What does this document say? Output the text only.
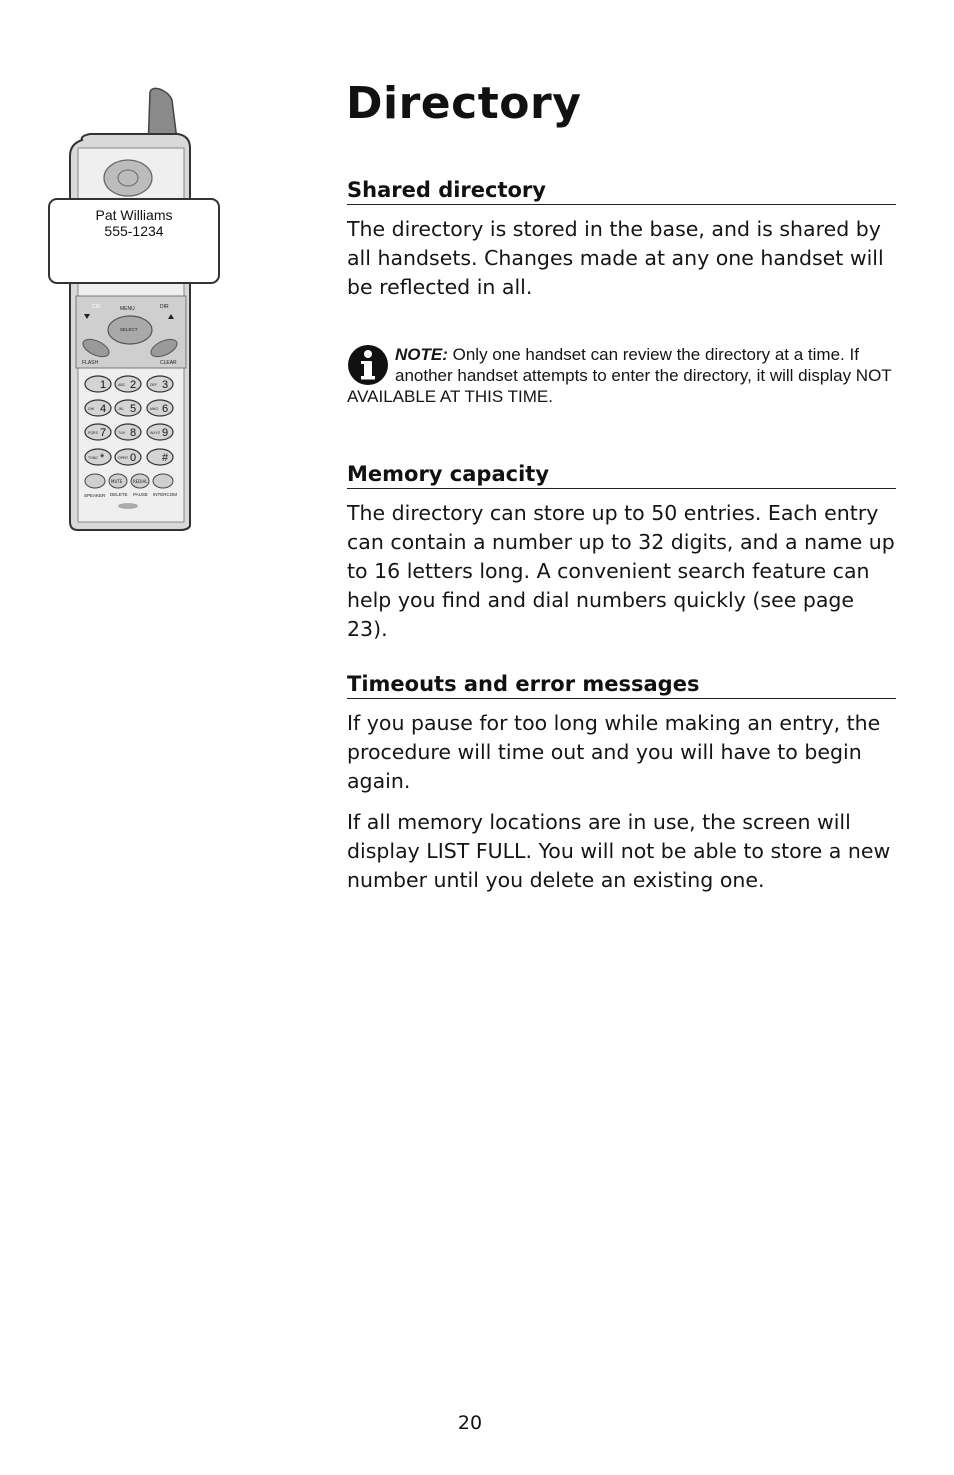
CID	MENU	DIR
SELECT
FLASH	CLEAR
1 2
ABC	3
DEF
4
GHI	5
JKL	6
MNO
7
PQRS	8
TUV	9
WXYZ
*
TONE	0
OPER	#
MUTE	REDIAL
SPEAKER DELETE PAUSE INTERCOM
Pat Williams
555-1234
Directory
Shared directory

The directory is stored in the base, and is shared by all handsets. Changes made at any one handset will be reflected in all.

NOTE: Only one handset can review the directory at a time. If another handset attempts to enter the directory, it will display NOT AVAILABLE AT THIS TIME.
Memory capacity

The directory can store up to 50 entries. Each entry can contain a number up to 32 digits, and a name up to 16 letters long. A convenient search feature can help you find and dial numbers quickly (see page 23).

Timeouts and error messages

If you pause for too long while making an entry, the procedure will time out and you will have to begin again.

If all memory locations are in use, the screen will display LIST FULL. You will not be able to store a new number until you delete an existing one.

20
